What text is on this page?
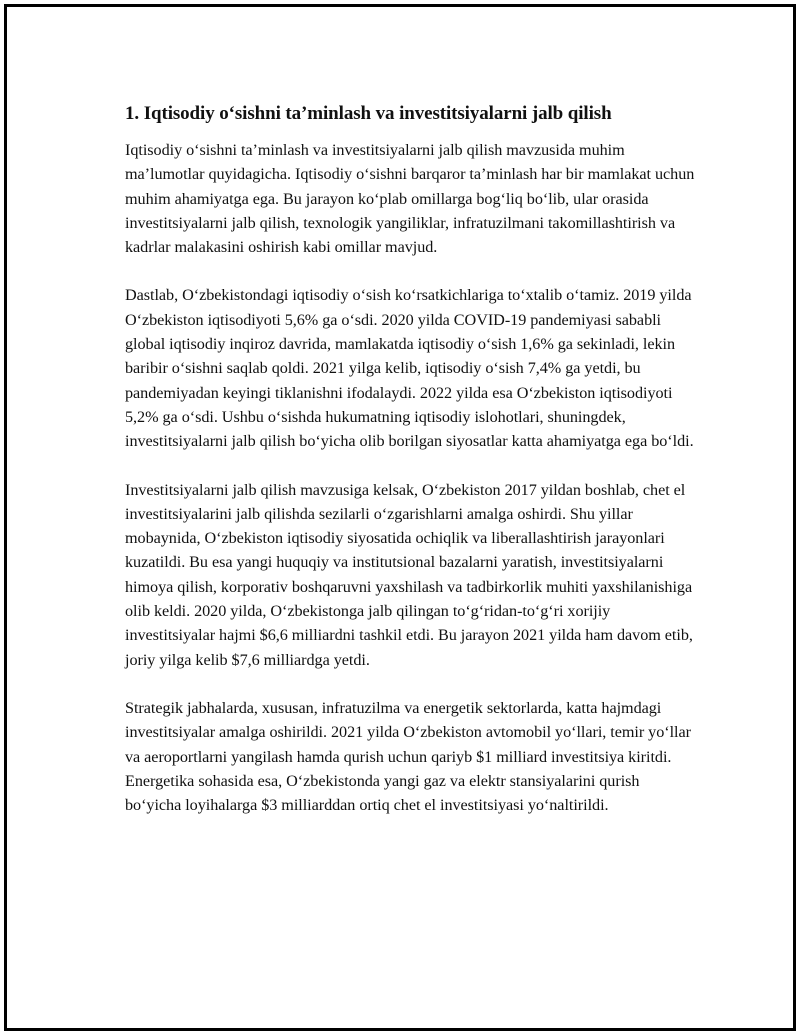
1. Iqtisodiy o‘sishni ta’minlash va investitsiyalarni jalb qilish

Iqtisodiy o‘sishni ta’minlash va investitsiyalarni jalb qilish mavzusida muhim ma’lumotlar quyidagicha. Iqtisodiy o‘sishni barqaror ta’minlash har bir mamlakat uchun muhim ahamiyatga ega. Bu jarayon ko‘plab omillarga bog‘liq bo‘lib, ular orasida investitsiyalarni jalb qilish, texnologik yangiliklar, infratuzilmani takomillashtirish va kadrlar malakasini oshirish kabi omillar mavjud.

Dastlab, O‘zbekistondagi iqtisodiy o‘sish ko‘rsatkichlariga to‘xtalib o‘tamiz. 2019 yilda O‘zbekiston iqtisodiyoti 5,6% ga o‘sdi. 2020 yilda COVID-19 pandemiyasi sababli global iqtisodiy inqiroz davrida, mamlakatda iqtisodiy o‘sish 1,6% ga sekinladi, lekin baribir o‘sishni saqlab qoldi. 2021 yilga kelib, iqtisodiy o‘sish 7,4% ga yetdi, bu pandemiyadan keyingi tiklanishni ifodalaydi. 2022 yilda esa O‘zbekiston iqtisodiyoti 5,2% ga o‘sdi. Ushbu o‘sishda hukumatning iqtisodiy islohotlari, shuningdek, investitsiyalarni jalb qilish bo‘yicha olib borilgan siyosatlar katta ahamiyatga ega bo‘ldi.

Investitsiyalarni jalb qilish mavzusiga kelsak, O‘zbekiston 2017 yildan boshlab, chet el investitsiyalarini jalb qilishda sezilarli o‘zgarishlarni amalga oshirdi. Shu yillar mobaynida, O‘zbekiston iqtisodiy siyosatida ochiqlik va liberallashtirish jarayonlari kuzatildi. Bu esa yangi huquqiy va institutsional bazalarni yaratish, investitsiyalarni himoya qilish, korporativ boshqaruvni yaxshilash va tadbirkorlik muhiti yaxshilanishiga olib keldi. 2020 yilda, O‘zbekistonga jalb qilingan to‘g‘ridan-to‘g‘ri xorijiy investitsiyalar hajmi $6,6 milliardni tashkil etdi. Bu jarayon 2021 yilda ham davom etib, joriy yilga kelib $7,6 milliardga yetdi.

Strategik jabhalarda, xususan, infratuzilma va energetik sektorlarda, katta hajmdagi investitsiyalar amalga oshirildi. 2021 yilda O‘zbekiston avtomobil yo‘llari, temir yo‘llar va aeroportlarni yangilash hamda qurish uchun qariyb $1 milliard investitsiya kiritdi. Energetika sohasida esa, O‘zbekistonda yangi gaz va elektr stansiyalarini qurish bo‘yicha loyihalarga $3 milliarddan ortiq chet el investitsiyasi yo‘naltirildi.
